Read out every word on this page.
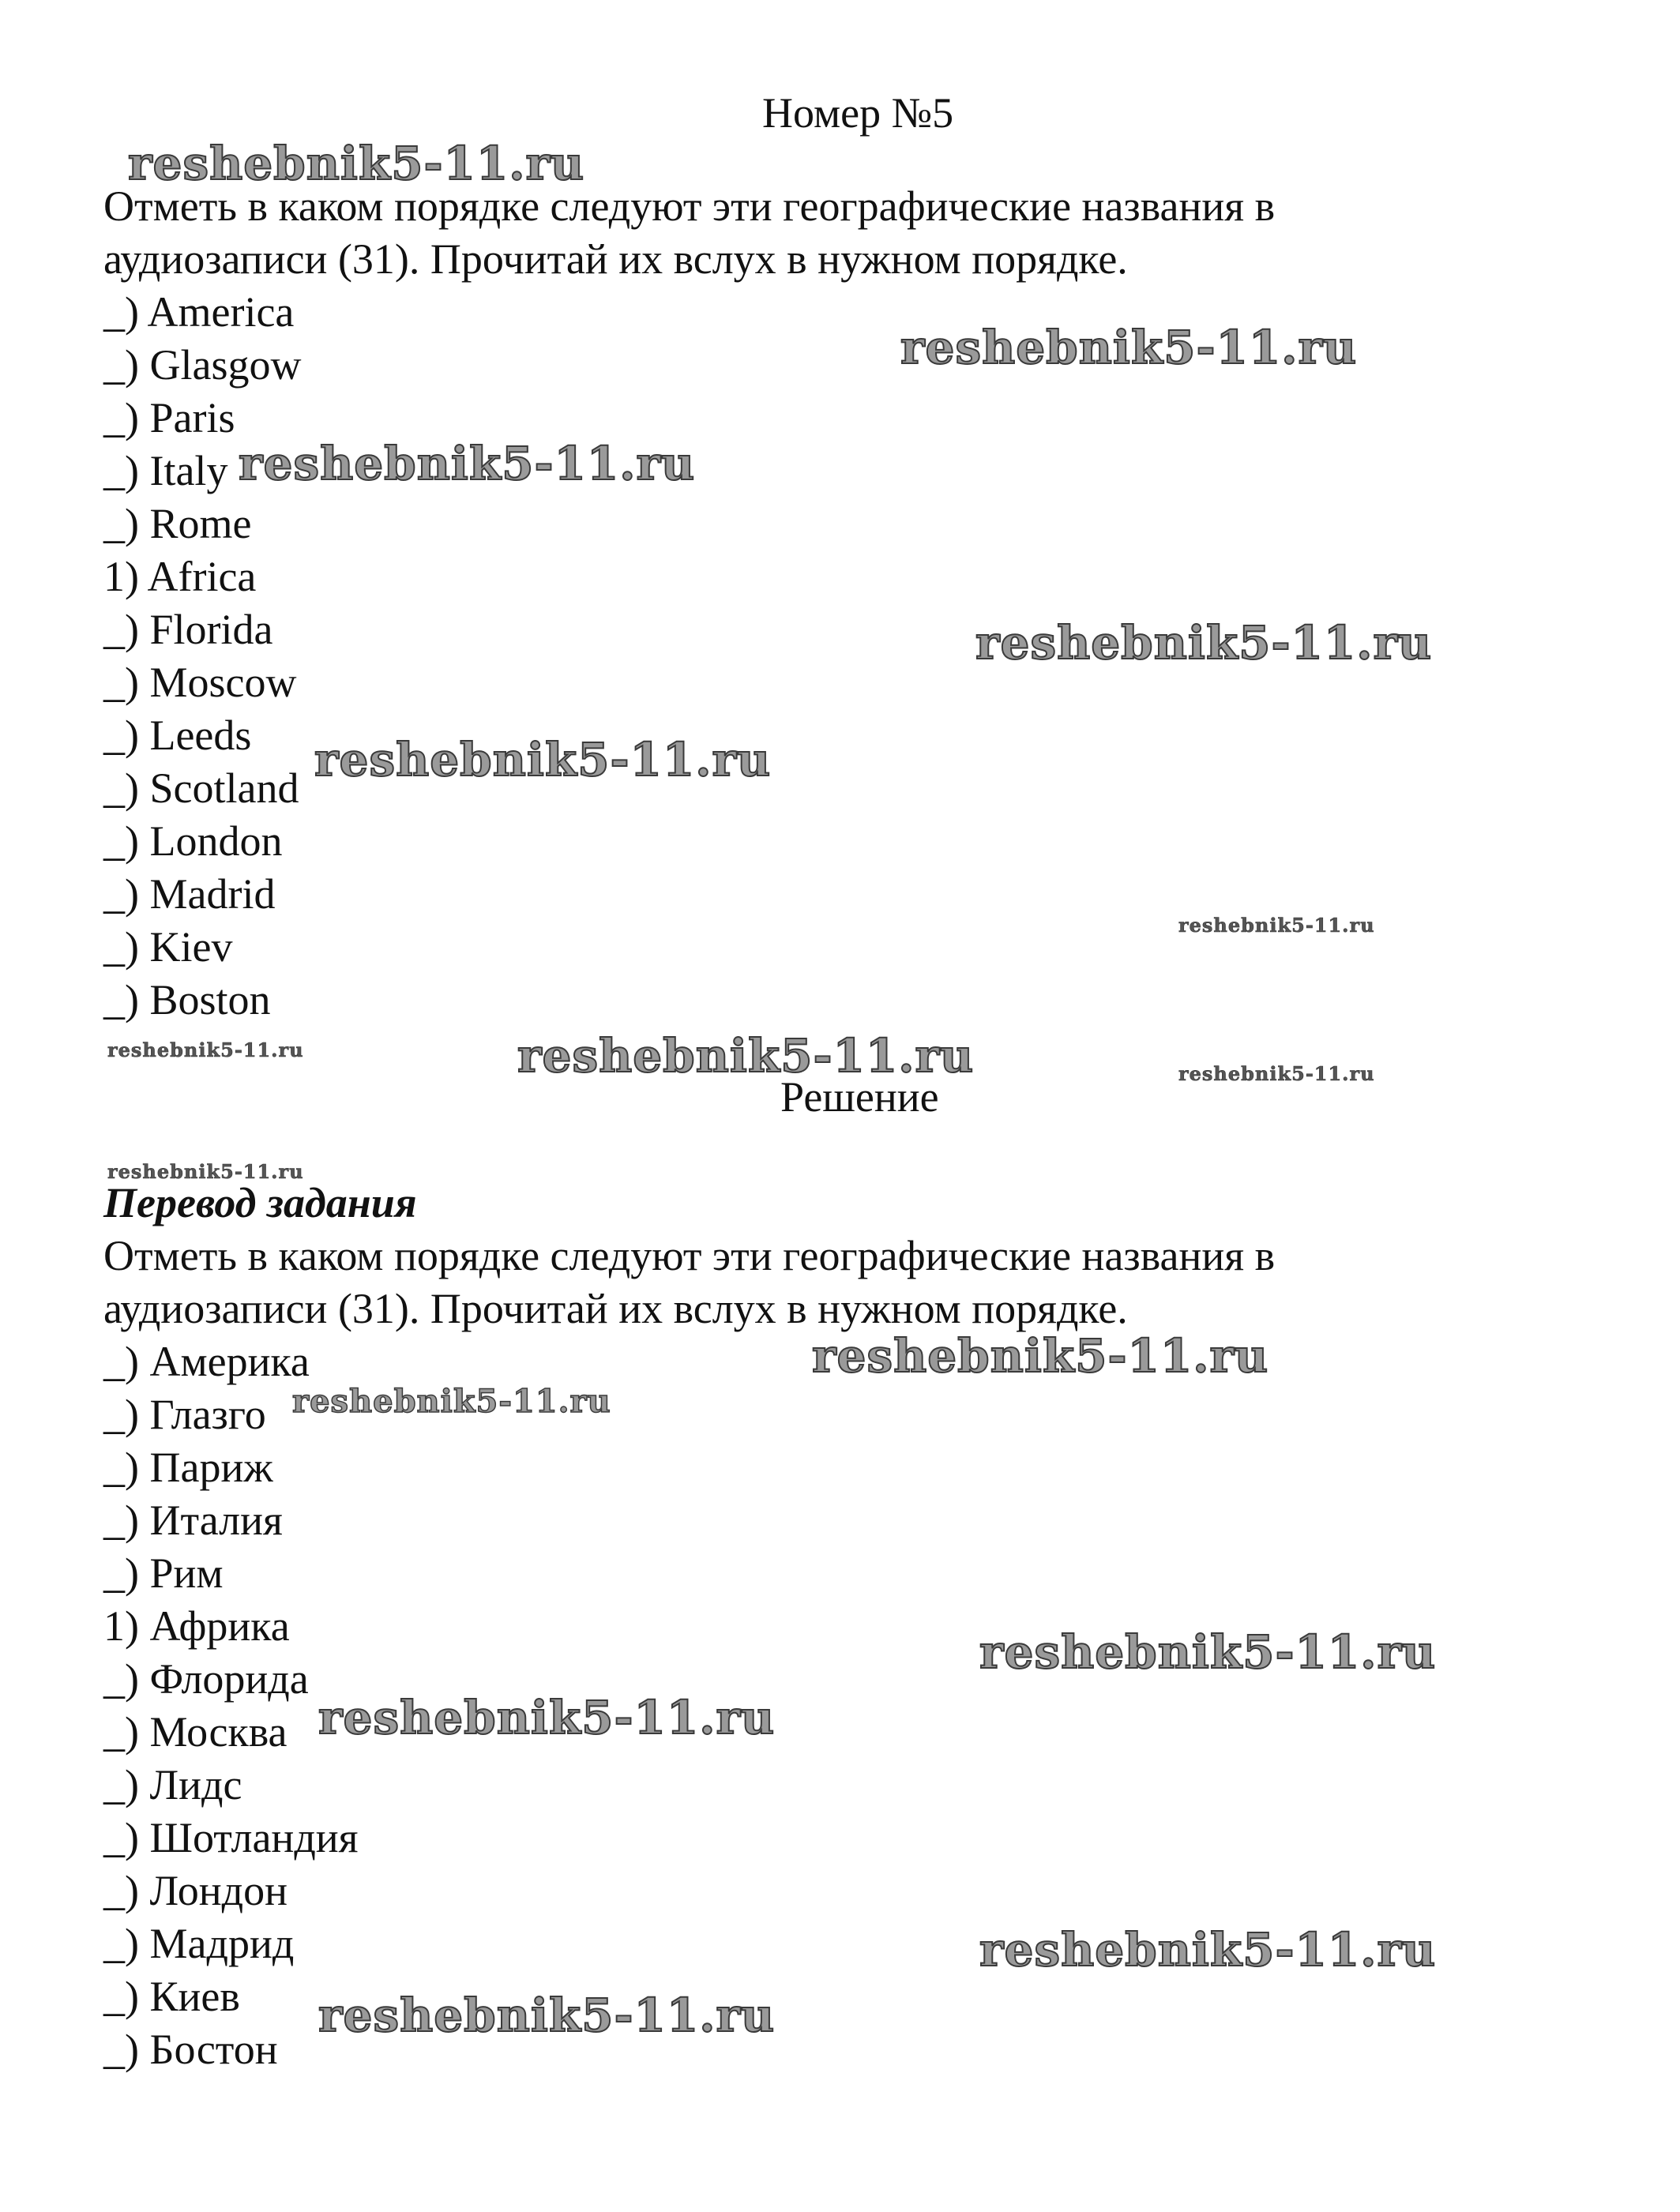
Номер №5
Отметь в каком порядке следуют эти географические названия в
аудиозаписи (31). Прочитай их вслух в нужном порядке.
_) America
_) Glasgow
_) Paris
_) Italy
_) Rome
1) Africa
_) Florida
_) Moscow
_) Leeds
_) Scotland
_) London
_) Madrid
_) Kiev
_) Boston
Решение
Перевод задания
Отметь в каком порядке следуют эти географические названия в
аудиозаписи (31). Прочитай их вслух в нужном порядке.
_) Америка
_) Глазго
_) Париж
_) Италия
_) Рим
1) Африка
_) Флорида
_) Москва
_) Лидс
_) Шотландия
_) Лондон
_) Мадрид
_) Киев
_) Бостон
reshebnik5-11.ru
reshebnik5-11.ru
reshebnik5-11.ru
reshebnik5-11.ru
reshebnik5-11.ru
reshebnik5-11.ru
reshebnik5-11.ru	reshebnik5-11.ru	reshebnik5-11.ru
reshebnik5-11.ru
reshebnik5-11.ru
reshebnik5-11.ru
reshebnik5-11.ru
reshebnik5-11.ru
reshebnik5-11.ru
reshebnik5-11.ru
